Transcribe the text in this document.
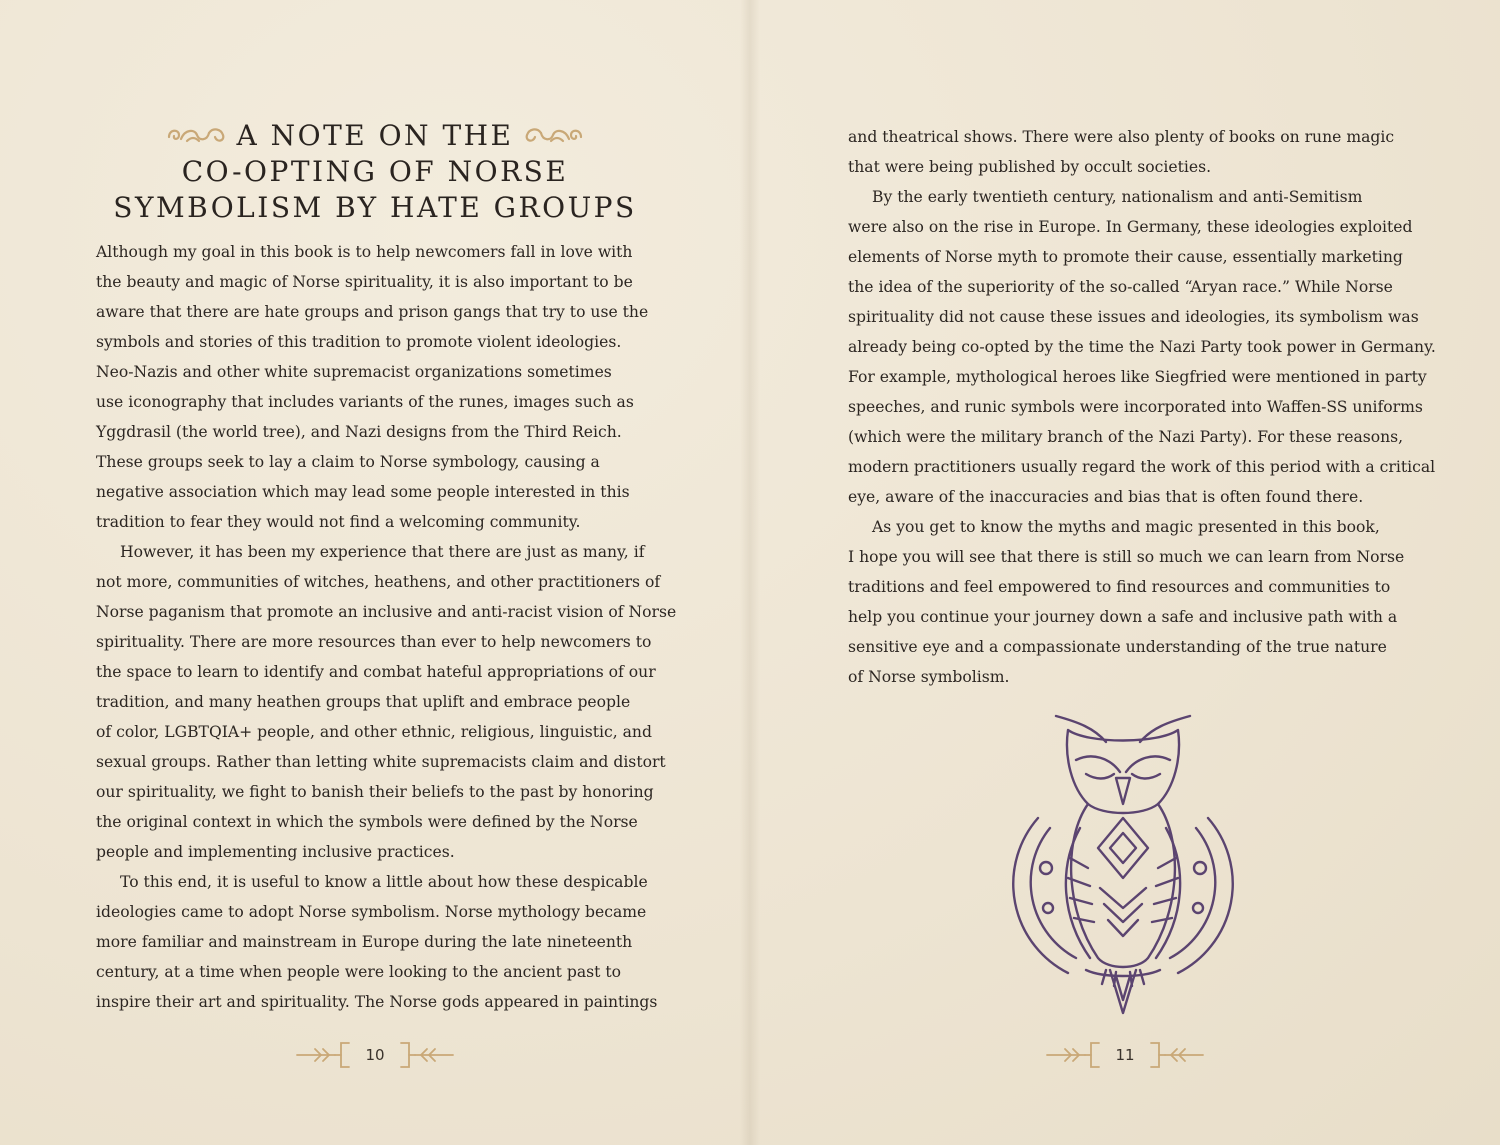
A NOTE ON THE
CO-OPTING OF NORSE
SYMBOLISM BY HATE GROUPS

Although my goal in this book is to help newcomers fall in love with
the beauty and magic of Norse spirituality, it is also important to be
aware that there are hate groups and prison gangs that try to use the
symbols and stories of this tradition to promote violent ideologies.
Neo-Nazis and other white supremacist organizations sometimes
use iconography that includes variants of the runes, images such as
Yggdrasil (the world tree), and Nazi designs from the Third Reich.
These groups seek to lay a claim to Norse symbology, causing a
negative association which may lead some people interested in this
tradition to fear they would not find a welcoming community.
However, it has been my experience that there are just as many, if
not more, communities of witches, heathens, and other practitioners of
Norse paganism that promote an inclusive and anti-racist vision of Norse
spirituality. There are more resources than ever to help newcomers to
the space to learn to identify and combat hateful appropriations of our
tradition, and many heathen groups that uplift and embrace people
of color, LGBTQIA+ people, and other ethnic, religious, linguistic, and
sexual groups. Rather than letting white supremacists claim and distort
our spirituality, we fight to banish their beliefs to the past by honoring
the original context in which the symbols were defined by the Norse
people and implementing inclusive practices.
To this end, it is useful to know a little about how these despicable
ideologies came to adopt Norse symbolism. Norse mythology became
more familiar and mainstream in Europe during the late nineteenth
century, at a time when people were looking to the ancient past to
inspire their art and spirituality. The Norse gods appeared in paintings

10

and theatrical shows. There were also plenty of books on rune magic
that were being published by occult societies.
By the early twentieth century, nationalism and anti-Semitism
were also on the rise in Europe. In Germany, these ideologies exploited
elements of Norse myth to promote their cause, essentially marketing
the idea of the superiority of the so-called “Aryan race.” While Norse
spirituality did not cause these issues and ideologies, its symbolism was
already being co-opted by the time the Nazi Party took power in Germany.
For example, mythological heroes like Siegfried were mentioned in party
speeches, and runic symbols were incorporated into Waffen-SS uniforms
(which were the military branch of the Nazi Party). For these reasons,
modern practitioners usually regard the work of this period with a critical
eye, aware of the inaccuracies and bias that is often found there.
As you get to know the myths and magic presented in this book,
I hope you will see that there is still so much we can learn from Norse
traditions and feel empowered to find resources and communities to
help you continue your journey down a safe and inclusive path with a
sensitive eye and a compassionate understanding of the true nature
of Norse symbolism.

11
